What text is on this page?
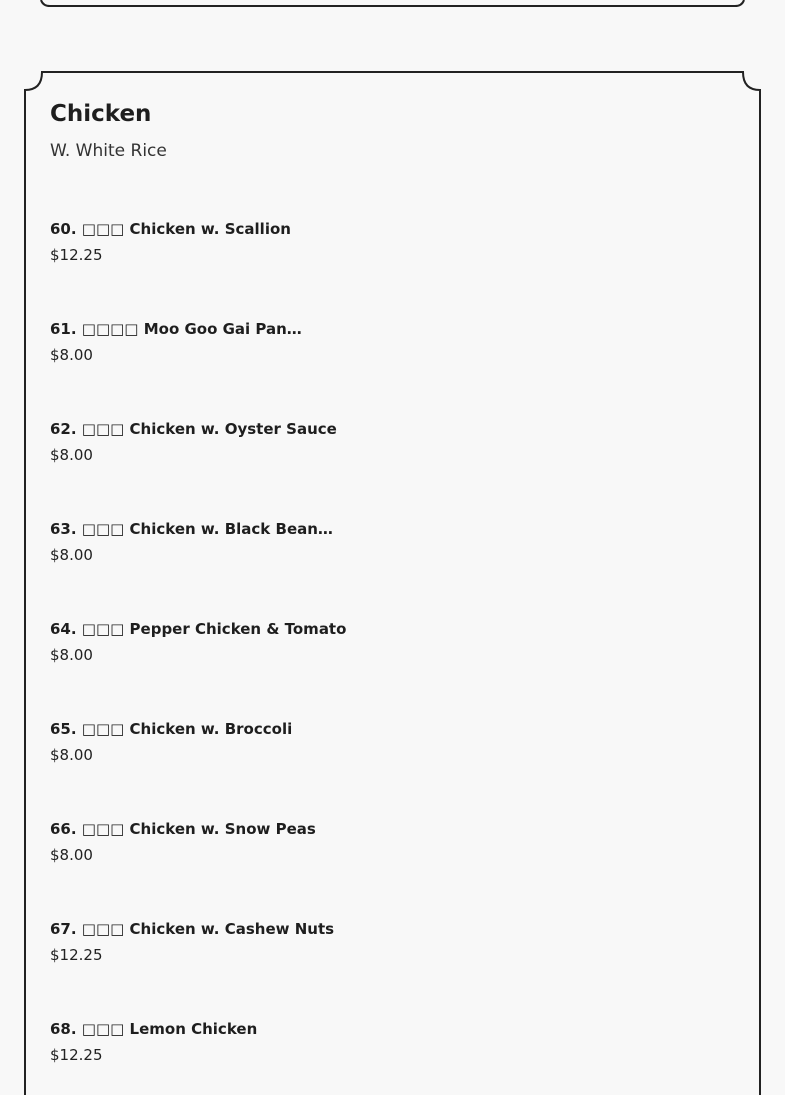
Chicken
W. White Rice
60. □□□ Chicken w. Scallion
$12.25
61. □□□□ Moo Goo Gai Pan…
$8.00
62. □□□ Chicken w. Oyster Sauce
$8.00
63. □□□ Chicken w. Black Bean…
$8.00
64. □□□ Pepper Chicken & Tomato
$8.00
65. □□□ Chicken w. Broccoli
$8.00
66. □□□ Chicken w. Snow Peas
$8.00
67. □□□ Chicken w. Cashew Nuts
$12.25
68. □□□ Lemon Chicken
$12.25
